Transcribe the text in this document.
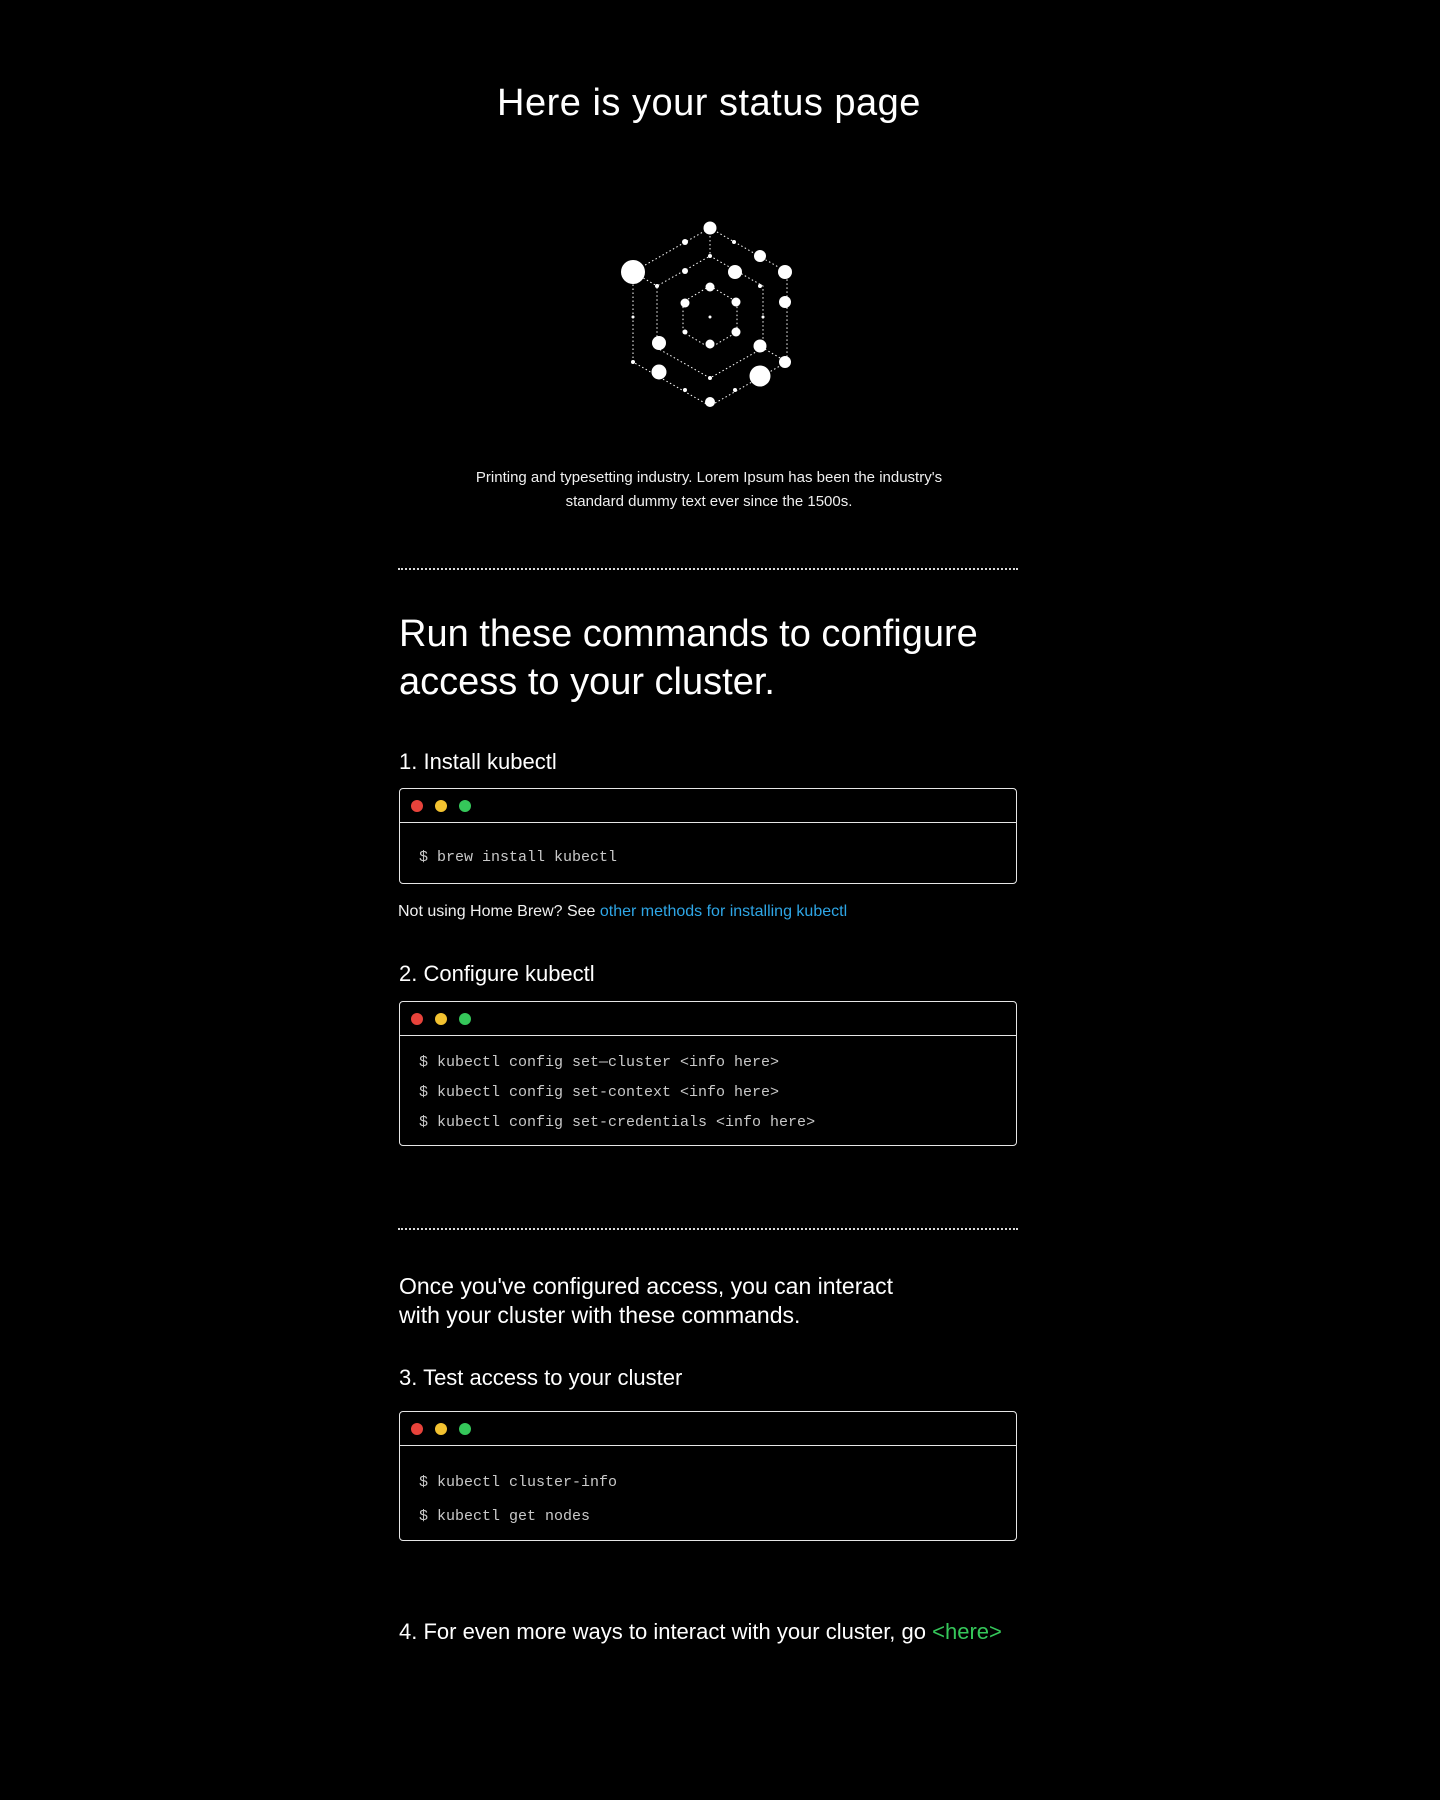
Here is your status page

Printing and typesetting industry. Lorem Ipsum has been the industry's standard dummy text ever since the 1500s.

Run these commands to configure access to your cluster.
1. Install kubectl

$ brew install kubectl

Not using Home Brew? See other methods for installing kubectl

2. Configure kubectl

$ kubectl config set—cluster <info here>

$ kubectl config set-context <info here>

$ kubectl config set-credentials <info here>

Once you've configured access, you can interact with your cluster with these commands.
3. Test access to your cluster

$ kubectl cluster-info

$ kubectl get nodes

4. For even more ways to interact with your cluster, go <here>
